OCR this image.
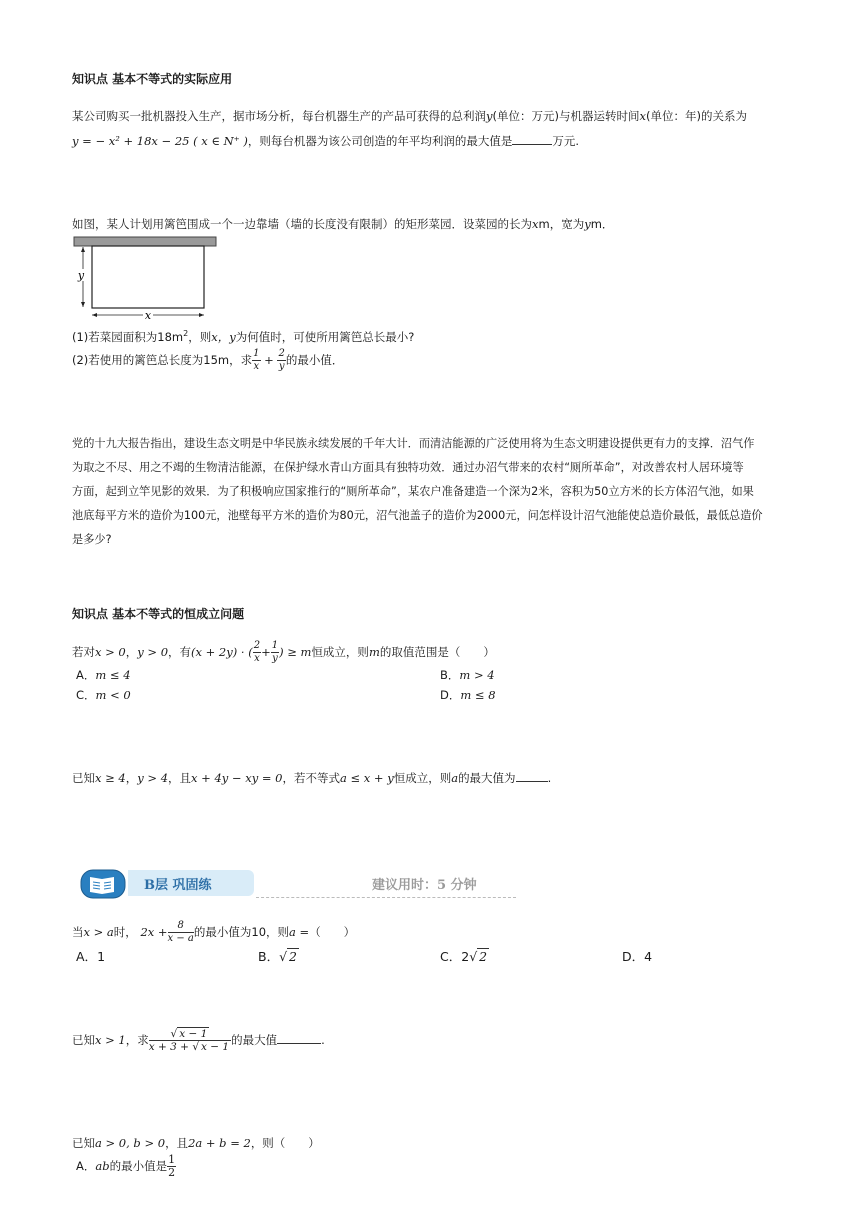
知识点 基本不等式的实际应用
某公司购买一批机器投入生产，据市场分析，每台机器生产的产品可获得的总利润y(单位：万元)与机器运转时间x(单位：年)的关系为
y = − x² + 18x − 25 ( x ∈ N⁺ )，则每台机器为该公司创造的年平均利润的最大值是	万元.
如图，某人计划用篱笆围成一个一边靠墙（墙的长度没有限制）的矩形菜园．设菜园的长为xm，宽为ym．
y
x
(1)若菜园面积为$18m^2$，则x，y为何值时，可使所用篱笆总长最小?
(2)若使用的篱笆总长度为15m，求 $\frac{1}{x} + \frac{2}{y}$ 的最小值．
党的十九大报告指出，建设生态文明是中华民族永续发展的千年大计．而清洁能源的广泛使用将为生态文明建设提供更有力的支撑．沼气作
为取之不尽、用之不竭的生物清洁能源，在保护绿水青山方面具有独特功效．通过办沼气带来的农村“厕所革命”，对改善农村人居环境等
方面，起到立竿见影的效果．为了积极响应国家推行的“厕所革命”，某农户准备建造一个深为2米，容积为50立方米的长方体沼气池，如果
池底每平方米的造价为100元，池壁每平方米的造价为80元，沼气池盖子的造价为2000元，问怎样设计沼气池能使总造价最低，最低总造价
是多少?
知识点 基本不等式的恒成立问题
若对x > 0，y > 0，有(x + 2y) · ( $\frac{2}{x} + \frac{1}{y}$ ) ≥ m恒成立，则m的取值范围是（　　）
A．m ≤ 4	B．m > 4
C．m < 0	D．m ≤ 8
已知x ≥ 4，y > 4，且x + 4y − xy = 0，若不等式a ≤ x + y恒成立，则a的最大值为	.
B层 巩固练	建议用时：5 分钟
当x > a时， $2x + \frac{8}{x - a}$ 的最小值为10，则a =（　　）
A．1	B．√ 2	C．2√ 2	D．4
已知x > 1，求 $\frac{√ x - 1}{x + 3 + √ x - 1}$ 的最大值	.
已知a > 0, b > 0，且2a + b = 2，则（　　）
A．ab的最小值是 $\frac{1}{2}$
